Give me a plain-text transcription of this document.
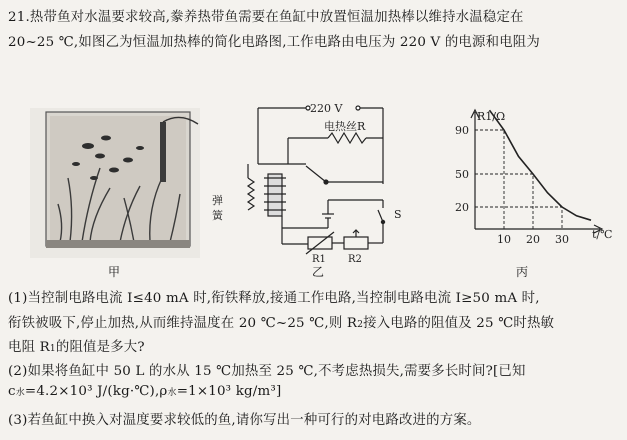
21.热带鱼对水温要求较高,豢养热带鱼需要在鱼缸中放置恒温加热棒以维持水温稳定在
20~25 ℃,如图乙为恒温加热棒的简化电路图,工作电路由电压为 220 V 的电源和电阻为
甲
220 V
电热丝R
弹
簧	S
R1 R2
乙
20
50
90
10 20 30
R1/Ω
t/℃
丙
(1)当控制电路电流 I≤40 mA 时,衔铁释放,接通工作电路,当控制电路电流 I≥50 mA 时,
衔铁被吸下,停止加热,从而维持温度在 20 ℃~25 ℃,则 R2接入电路的阻值及 25 ℃时热敏
电阻 R1的阻值是多大?
(2)如果将鱼缸中 50 L 的水从 15 ℃加热至 25 ℃,不考虑热损失,需要多长时间?[已知
c水=4.2×10³ J/(kg·℃),ρ水=1×10³ kg/m³]
(3)若鱼缸中换入对温度要求较低的鱼,请你写出一种可行的对电路改进的方案。
